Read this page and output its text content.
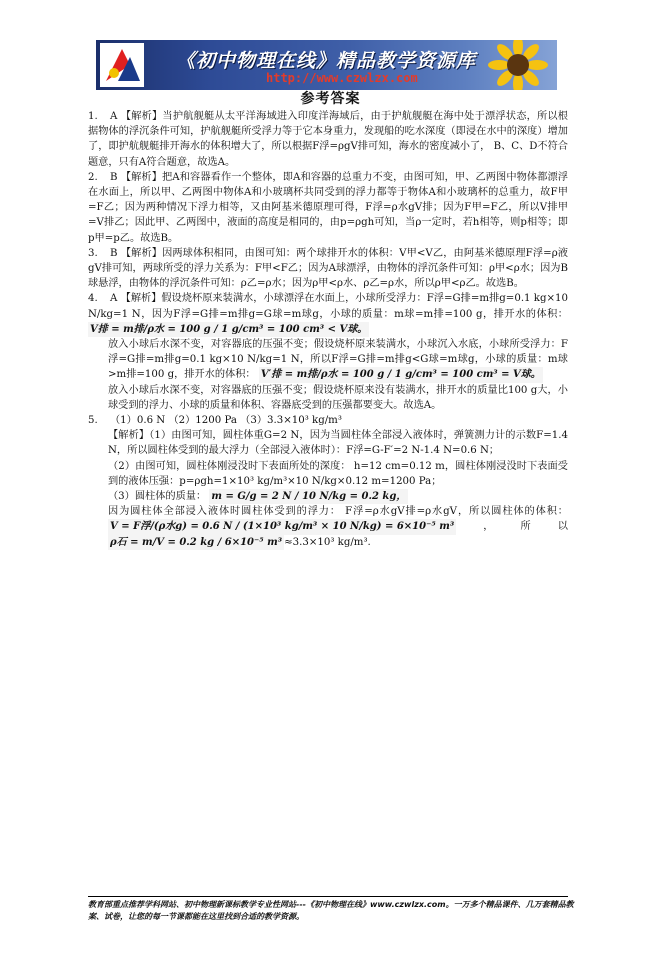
《初中物理在线》精品教学资源库
http://www.czwlzx.com
参考答案

1. A 【解析】当护航舰艇从太平洋海域进入印度洋海域后，由于护航舰艇在海中处于漂浮状态，所以根据物体的浮沉条件可知，护航舰艇所受浮力等于它本身重力，发现船的吃水深度（即浸在水中的深度）增加了，即护航舰艇排开海水的体积增大了，所以根据F浮=ρgV排可知，海水的密度减小了， B、C、D不符合题意，只有A符合题意，故选A。

2. B 【解析】把A和容器看作一个整体，即A和容器的总重力不变，由图可知，甲、乙两图中物体都漂浮在水面上，所以甲、乙两图中物体A和小玻璃杯共同受到的浮力都等于物体A和小玻璃杯的总重力，故F甲=F乙；因为两种情况下浮力相等，又由阿基米德原理可得，F浮=ρ水gV排；因为F甲=F乙，所以V排甲=V排乙；因此甲、乙两图中，液面的高度是相同的，由p=ρgh可知，当ρ一定时，若h相等，则p相等；即p甲=p乙。故选B。

3. B 【解析】因两球体积相同，由图可知：两个球排开水的体积：V甲<V乙，由阿基米德原理F浮=ρ液gV排可知，两球所受的浮力关系为：F甲<F乙；因为A球漂浮，由物体的浮沉条件可知：ρ甲<ρ水；因为B球悬浮，由物体的浮沉条件可知：ρ乙=ρ水；因为ρ甲<ρ水、ρ乙=ρ水，所以ρ甲<ρ乙。故选B。

4. A 【解析】假设烧杯原来装满水，小球漂浮在水面上，小球所受浮力：F浮=G排=m排g=0.1 kg×10 N/kg=1 N，因为F浮=G排=m排g=G球=m球g，小球的质量：m球=m排=100 g，排开水的体积： V排 = m排/ρ水 = 100 g / 1 g/cm³ = 100 cm³ < V球。

放入小球后水深不变，对容器底的压强不变；假设烧杯原来装满水，小球沉入水底，小球所受浮力：F浮=G排=m排g=0.1 kg×10 N/kg=1 N，所以F浮=G排=m排g<G球=m球g，小球的质量：m球>m排=100 g，排开水的体积： V′排 = m排/ρ水 = 100 g / 1 g/cm³ = 100 cm³ = V球。

放入小球后水深不变，对容器底的压强不变；假设烧杯原来没有装满水，排开水的质量比100 g大，小球受到的浮力、小球的质量和体积、容器底受到的压强都要变大。故选A。

5. （1）0.6 N （2）1200 Pa （3）3.3×10³ kg/m³

【解析】（1）由图可知，圆柱体重G=2 N，因为当圆柱体全部浸入液体时，弹簧测力计的示数F=1.4 N，所以圆柱体受到的最大浮力（全部浸入液体时）：F浮=G-F′=2 N-1.4 N=0.6 N；

（2）由图可知，圆柱体刚浸没时下表面所处的深度： h=12 cm=0.12 m，圆柱体刚浸没时下表面受到的液体压强：p=ρgh=1×10³ kg/m³×10 N/kg×0.12 m=1200 Pa；

（3）圆柱体的质量： m = G/g = 2 N / 10 N/kg = 0.2 kg，

因为圆柱体全部浸入液体时圆柱体受到的浮力： F浮=ρ水gV排=ρ水gV，所以圆柱体的体积： V = F浮/(ρ水g) = 0.6 N / (1×10³ kg/m³ × 10 N/kg) = 6×10⁻⁵ m³ ，所以 ρ石 = m/V = 0.2 kg / 6×10⁻⁵ m³ ≈3.3×10³ kg/m³.

教育部重点推荐学科网站、初中物理新课标教学专业性网站---《初中物理在线》www.czwlzx.com。一万多个精品课件、几万套精品教案、试卷，让您的每一节课都能在这里找到合适的教学资源。
